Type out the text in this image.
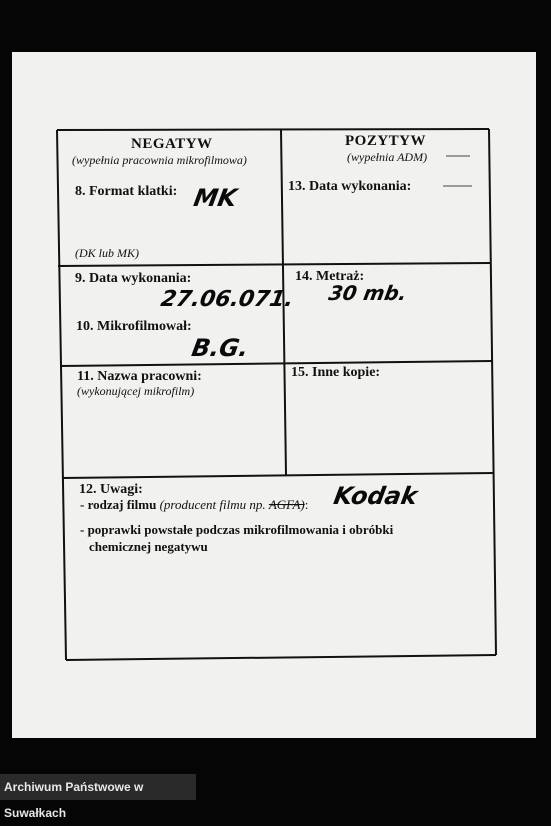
NEGATYW
(wypełnia pracownia mikrofilmowa)
POZYTYW
(wypełnia ADM)
8. Format klatki: MK
(DK lub MK)
13. Data wykonania:
9. Data wykonania:
27.06.071.
14. Metraż:
30 mb.
10. Mikrofilmował:
B.G.
11. Nazwa pracowni:
(wykonującej mikrofilm)
15. Inne kopie:
12. Uwagi:
- rodzaj filmu (producent filmu np. AGFA): Kodak
- poprawki powstałe podczas mikrofilmowania i obróbki
chemicznej negatywu
Archiwum Państwowe w Suwałkach
